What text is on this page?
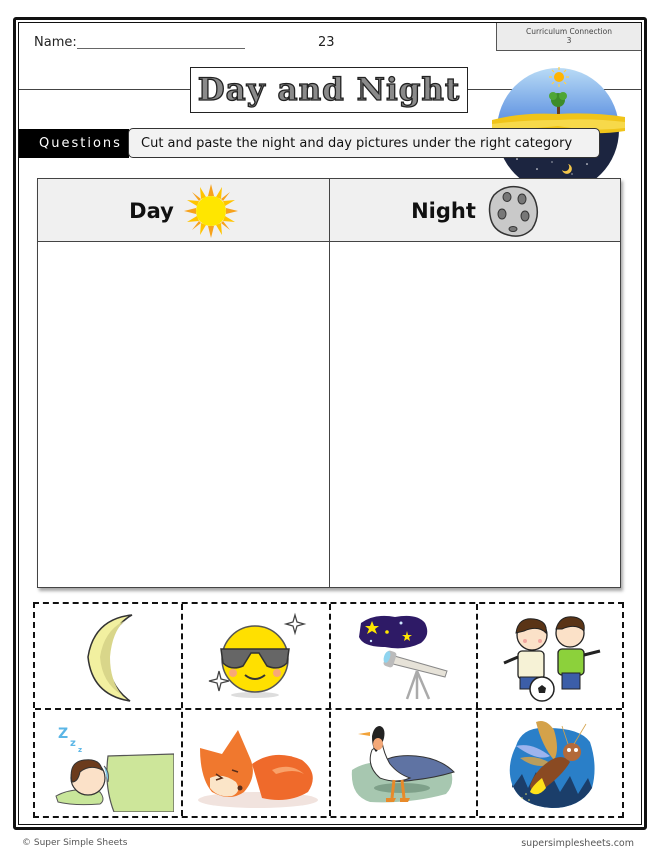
Name:	23
Curriculum Connection
3
Day and Night
Questions Cut and paste the night and day pictures under the right category
Day	Night
Z
z
z
© Super Simple Sheets	supersimplesheets.com
